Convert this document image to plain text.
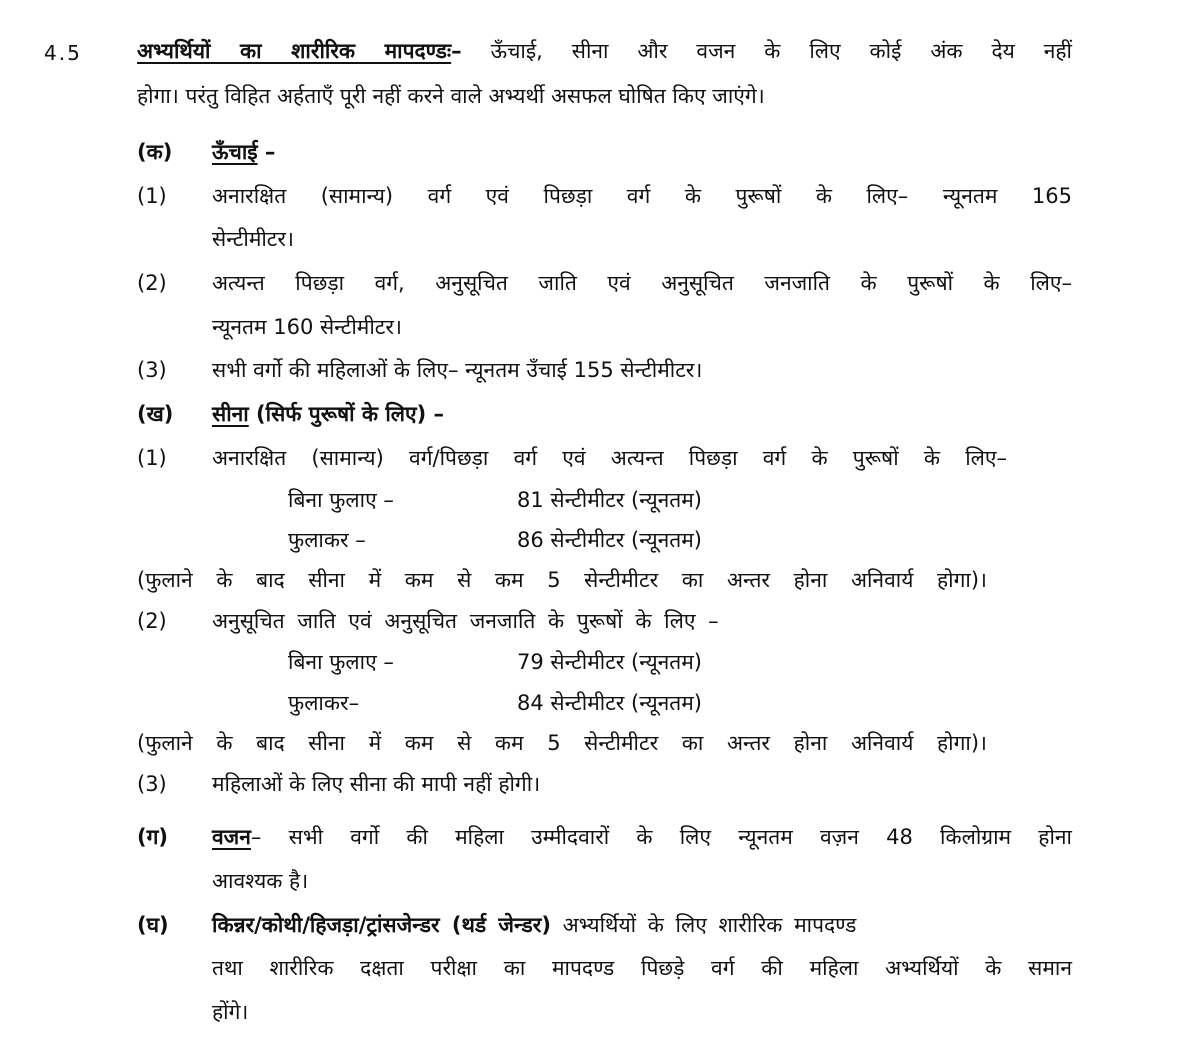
4.5	अभ्यर्थियों का शारीरिक मापदण्डः– ऊँचाई, सीना और वजन के लिए कोई अंक देय नहीं
होगा। परंतु विहित अर्हताएँ पूरी नहीं करने वाले अभ्यर्थी असफल घोषित किए जाएंगे।
(क) ऊँचाई –
(1) अनारक्षित (सामान्य) वर्ग एवं पिछड़ा वर्ग के पुरूषों के लिए– न्यूनतम 165
सेन्टीमीटर।
(2) अत्यन्त पिछड़ा वर्ग, अनुसूचित जाति एवं अनुसूचित जनजाति के पुरूषों के लिए–
न्यूनतम 160 सेन्टीमीटर।
(3) सभी वर्गो की महिलाओं के लिए– न्यूनतम उँचाई 155 सेन्टीमीटर।
(ख) सीना (सिर्फ पुरूषों के लिए) –
(1) अनारक्षित (सामान्य) वर्ग/पिछड़ा वर्ग एवं अत्यन्त पिछड़ा वर्ग के पुरूषों के लिए–
बिना फुलाए –	81 सेन्टीमीटर (न्यूनतम)
फुलाकर –	86 सेन्टीमीटर (न्यूनतम)
(फुलाने के बाद सीना में कम से कम 5 सेन्टीमीटर का अन्तर होना अनिवार्य होगा)।
(2) अनुसूचित जाति एवं अनुसूचित जनजाति के पुरूषों के लिए –
बिना फुलाए –	79 सेन्टीमीटर (न्यूनतम)
फुलाकर–	84 सेन्टीमीटर (न्यूनतम)
(फुलाने के बाद सीना में कम से कम 5 सेन्टीमीटर का अन्तर होना अनिवार्य होगा)।
(3) महिलाओं के लिए सीना की मापी नहीं होगी।
(ग) वजन– सभी वर्गो की महिला उम्मीदवारों के लिए न्यूनतम वज़न 48 किलोग्राम होना
आवश्यक है।
(घ) किन्नर/कोथी/हिजड़ा/ट्रांसजेन्डर (थर्ड जेन्डर) अभ्यर्थियों के लिए शारीरिक मापदण्ड
तथा शारीरिक दक्षता परीक्षा का मापदण्ड पिछड़े वर्ग की महिला अभ्यर्थियों के समान
होंगे।
